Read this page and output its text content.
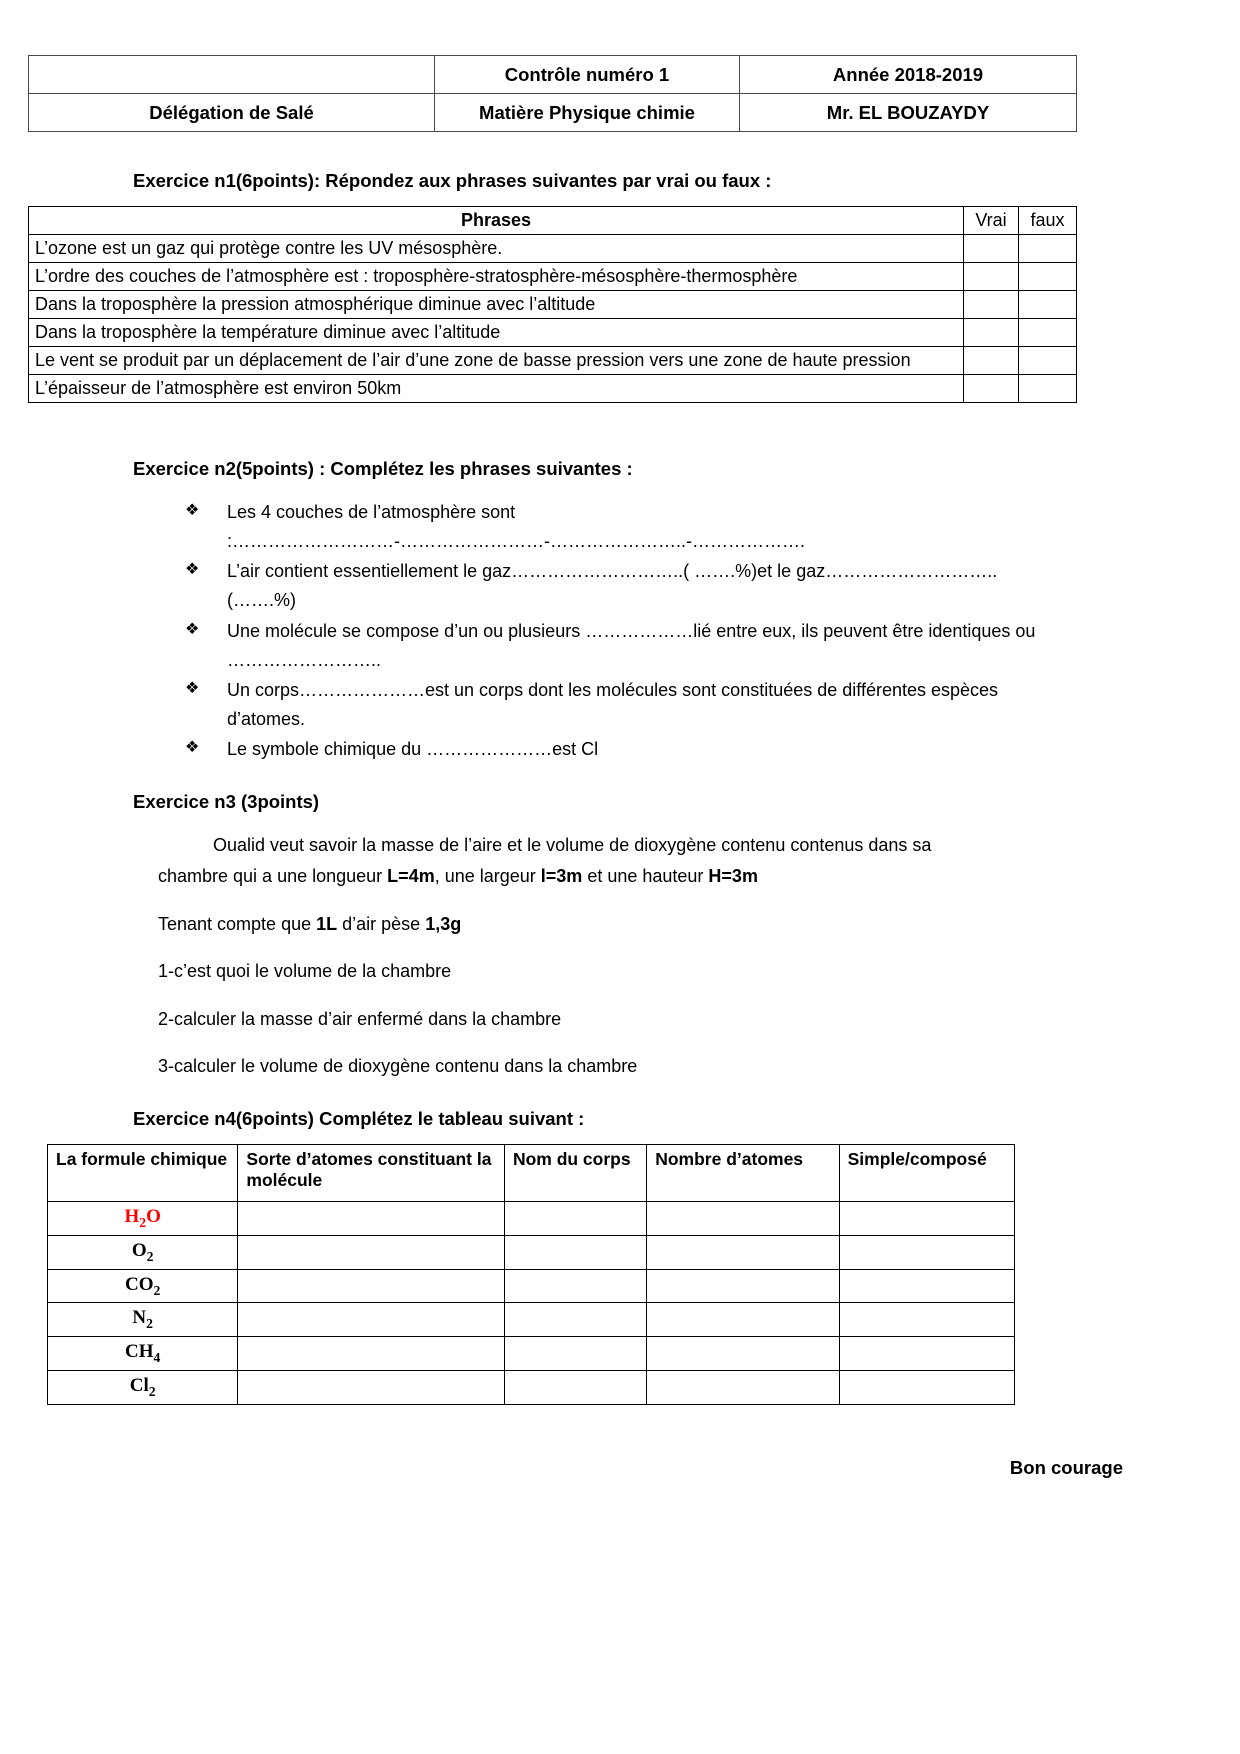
	Contrôle numéro 1	Année 2018-2019
Délégation de Salé	Matière Physique chimie	Mr. EL BOUZAYDY
Exercice n1(6points): Répondez aux phrases suivantes par vrai ou faux :
Phrases	Vrai	faux
L’ozone est un gaz qui protège contre les UV mésosphère.		
L’ordre des couches de l’atmosphère est : troposphère-stratosphère-mésosphère-thermosphère		
Dans la troposphère la pression atmosphérique diminue avec l’altitude		
Dans la troposphère la température diminue avec l’altitude		
Le vent se produit par un déplacement de l’air d’une zone de basse pression vers une zone de haute pression		
L’épaisseur de l’atmosphère est environ 50km		
Exercice n2(5points) : Complétez les phrases suivantes :
❖ Les 4 couches de l’atmosphère sont :………………………-……………………-…………………..-……………….
❖ L’air contient essentiellement le gaz………………………..( …….%)et le gaz………………………..(…….%)
❖ Une molécule se compose d’un ou plusieurs ………………lié entre eux, ils peuvent être identiques ou ……………………..
❖ Un corps…………………est un corps dont les molécules sont constituées de différentes espèces d’atomes.
❖ Le symbole chimique du …………………est Cl
Exercice n3 (3points)
Oualid veut savoir la masse de l’aire et le volume de dioxygène contenu contenus dans sa
chambre qui a une longueur L=4m, une largeur l=3m et une hauteur H=3m
Tenant compte que 1L d’air pèse 1,3g
1-c’est quoi le volume de la chambre
2-calculer la masse d’air enfermé dans la chambre
3-calculer le volume de dioxygène contenu dans la chambre
Exercice n4(6points) Complétez le tableau suivant :
La formule chimique	Sorte d’atomes constituant la molécule	Nom du corps	Nombre d’atomes	Simple/composé
$H_2O$				
$O_2$				
$CO_2$				
$N_2$				
$CH_4$				
$Cl_2$				
Bon courage
